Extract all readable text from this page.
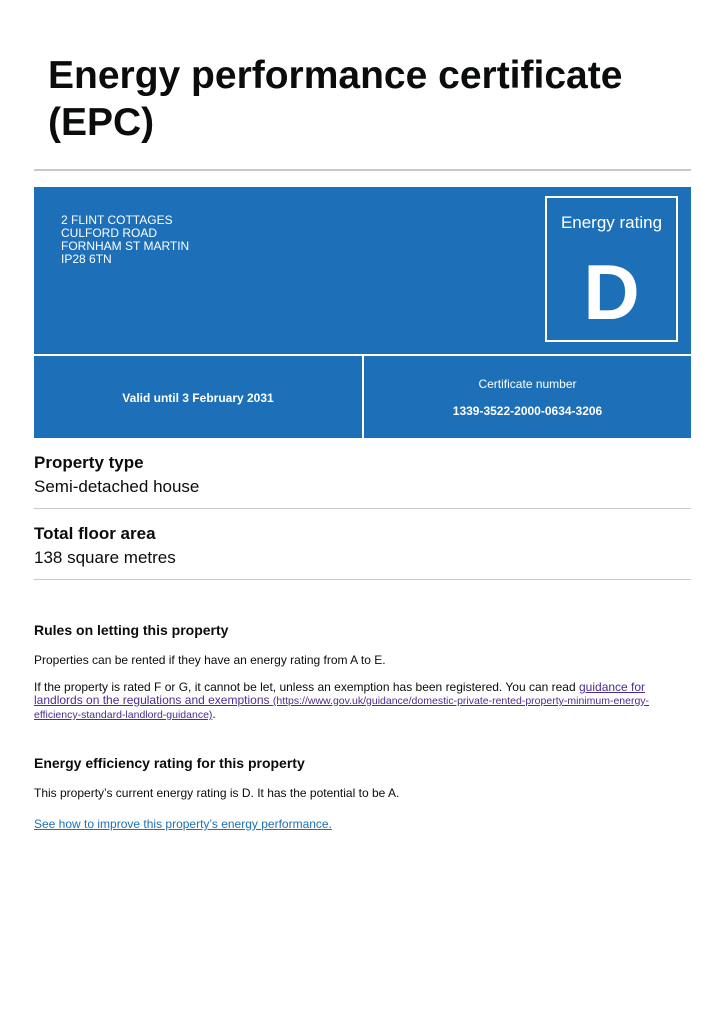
Energy performance certificate (EPC)
2 FLINT COTTAGES
CULFORD ROAD
FORNHAM ST MARTIN
IP28 6TN
Energy rating
D
Valid until 3 February 2031
Certificate number
1339-3522-2000-0634-3206
Property type
Semi-detached house
Total floor area
138 square metres
Rules on letting this property
Properties can be rented if they have an energy rating from A to E.
If the property is rated F or G, it cannot be let, unless an exemption has been registered. You can read guidance for landlords on the regulations and exemptions (https://www.gov.uk/guidance/domestic-private-rented-property-minimum-energy-efficiency-standard-landlord-guidance).
Energy efficiency rating for this property
This property’s current energy rating is D. It has the potential to be A.
See how to improve this property’s energy performance.
